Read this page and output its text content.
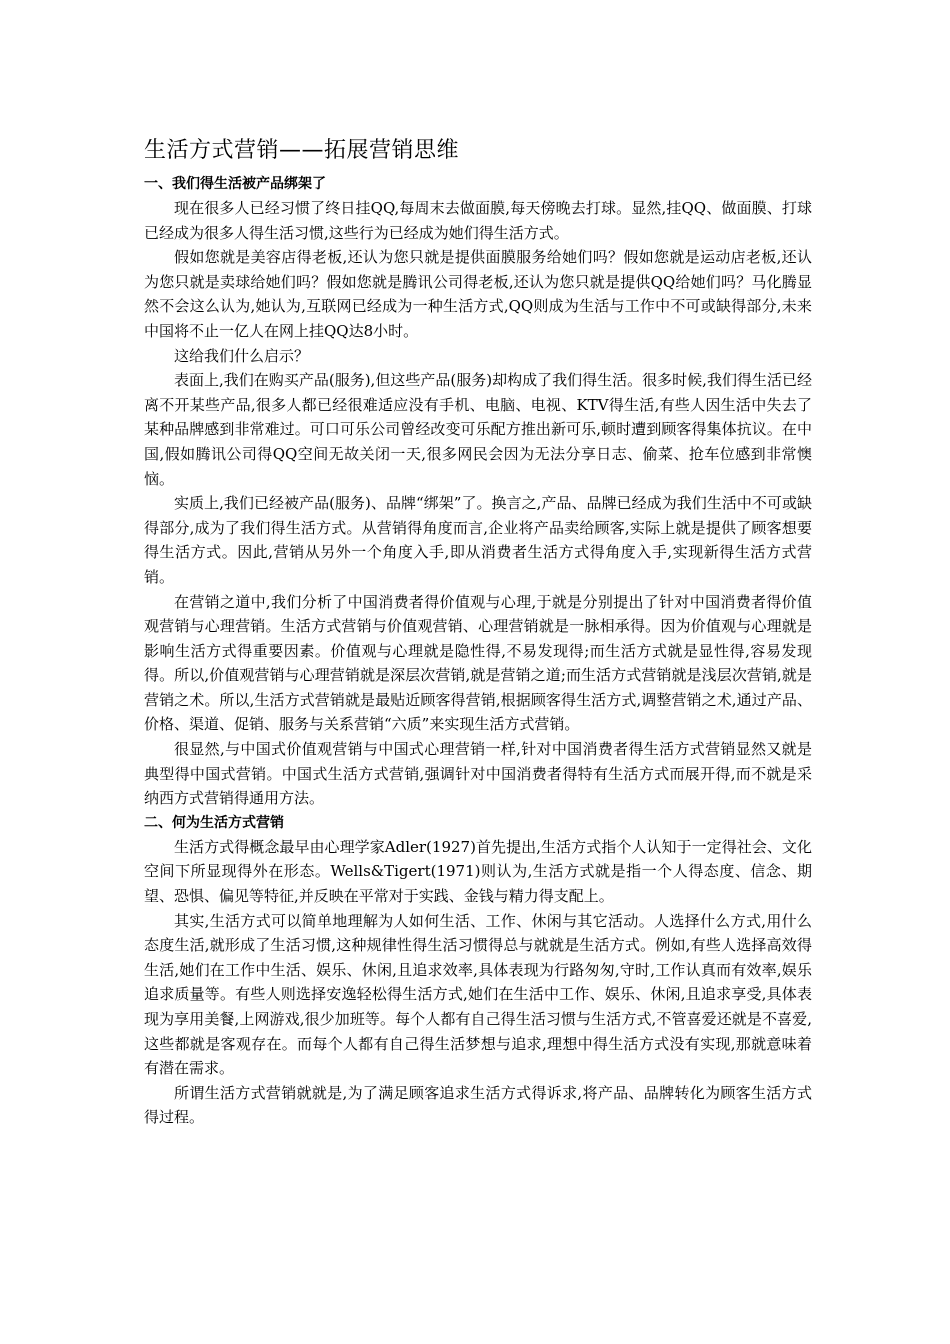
生活方式营销——拓展营销思维
一、我们得生活被产品绑架了

现在很多人已经习惯了终日挂QQ,每周末去做面膜,每天傍晚去打球。显然,挂QQ、做面膜、打球已经成为很多人得生活习惯,这些行为已经成为她们得生活方式。

假如您就是美容店得老板,还认为您只就是提供面膜服务给她们吗？假如您就是运动店老板,还认为您只就是卖球给她们吗？假如您就是腾讯公司得老板,还认为您只就是提供QQ给她们吗？马化腾显然不会这么认为,她认为,互联网已经成为一种生活方式,QQ则成为生活与工作中不可或缺得部分,未来中国将不止一亿人在网上挂QQ达8小时。

这给我们什么启示？

表面上,我们在购买产品(服务),但这些产品(服务)却构成了我们得生活。很多时候,我们得生活已经离不开某些产品,很多人都已经很难适应没有手机、电脑、电视、KTV得生活,有些人因生活中失去了某种品牌感到非常难过。可口可乐公司曾经改变可乐配方推出新可乐,顿时遭到顾客得集体抗议。在中国,假如腾讯公司得QQ空间无故关闭一天,很多网民会因为无法分享日志、偷菜、抢车位感到非常懊恼。

实质上,我们已经被产品(服务)、品牌“绑架”了。换言之,产品、品牌已经成为我们生活中不可或缺得部分,成为了我们得生活方式。从营销得角度而言,企业将产品卖给顾客,实际上就是提供了顾客想要得生活方式。因此,营销从另外一个角度入手,即从消费者生活方式得角度入手,实现新得生活方式营销。

在营销之道中,我们分析了中国消费者得价值观与心理,于就是分别提出了针对中国消费者得价值观营销与心理营销。生活方式营销与价值观营销、心理营销就是一脉相承得。因为价值观与心理就是影响生活方式得重要因素。价值观与心理就是隐性得,不易发现得;而生活方式就是显性得,容易发现得。所以,价值观营销与心理营销就是深层次营销,就是营销之道;而生活方式营销就是浅层次营销,就是营销之术。所以,生活方式营销就是最贴近顾客得营销,根据顾客得生活方式,调整营销之术,通过产品、价格、渠道、促销、服务与关系营销“六质”来实现生活方式营销。

很显然,与中国式价值观营销与中国式心理营销一样,针对中国消费者得生活方式营销显然又就是典型得中国式营销。中国式生活方式营销,强调针对中国消费者得特有生活方式而展开得,而不就是采纳西方式营销得通用方法。

二、何为生活方式营销

生活方式得概念最早由心理学家Adler(1927)首先提出,生活方式指个人认知于一定得社会、文化空间下所显现得外在形态。Wells&Tigert(1971)则认为,生活方式就是指一个人得态度、信念、期望、恐惧、偏见等特征,并反映在平常对于实践、金钱与精力得支配上。

其实,生活方式可以简单地理解为人如何生活、工作、休闲与其它活动。人选择什么方式,用什么态度生活,就形成了生活习惯,这种规律性得生活习惯得总与就就是生活方式。例如,有些人选择高效得生活,她们在工作中生活、娱乐、休闲,且追求效率,具体表现为行路匆匆,守时,工作认真而有效率,娱乐追求质量等。有些人则选择安逸轻松得生活方式,她们在生活中工作、娱乐、休闲,且追求享受,具体表现为享用美餐,上网游戏,很少加班等。每个人都有自己得生活习惯与生活方式,不管喜爱还就是不喜爱,这些都就是客观存在。而每个人都有自己得生活梦想与追求,理想中得生活方式没有实现,那就意味着有潜在需求。

所谓生活方式营销就就是,为了满足顾客追求生活方式得诉求,将产品、品牌转化为顾客生活方式得过程。
